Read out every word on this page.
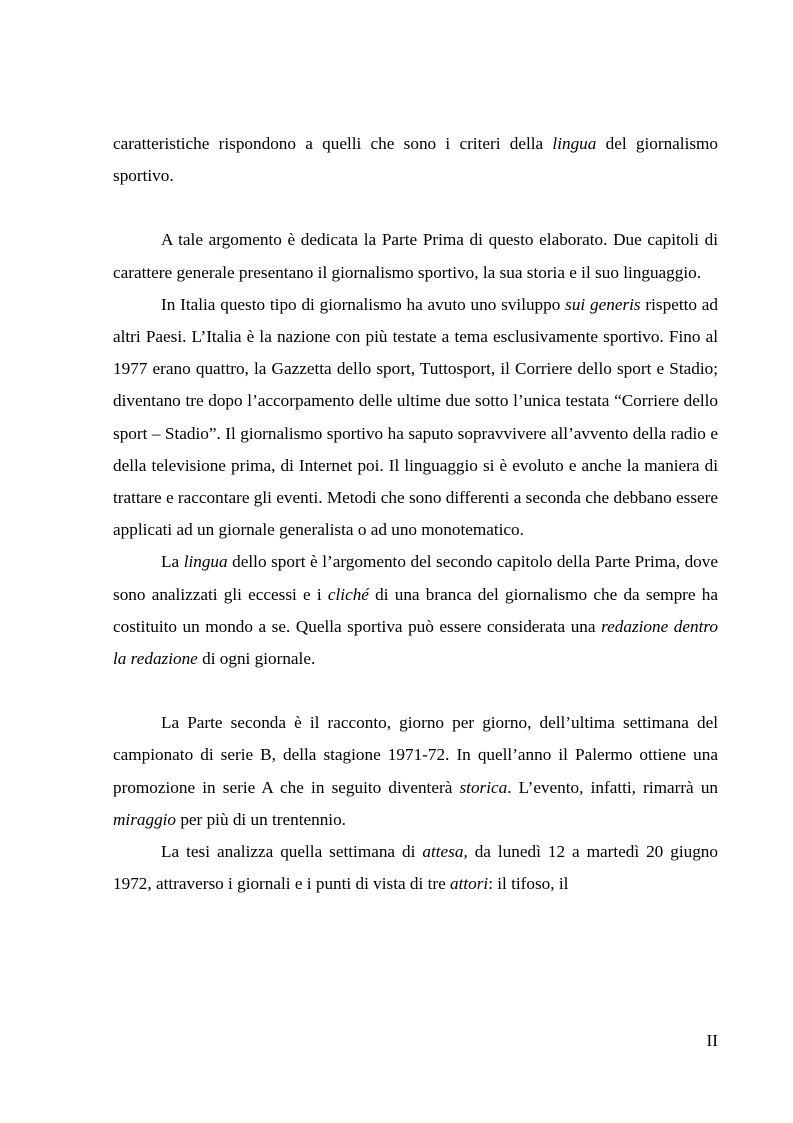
caratteristiche rispondono a quelli che sono i criteri della lingua del giornalismo sportivo.

A tale argomento è dedicata la Parte Prima di questo elaborato. Due capitoli di carattere generale presentano il giornalismo sportivo, la sua storia e il suo linguaggio.

In Italia questo tipo di giornalismo ha avuto uno sviluppo sui generis rispetto ad altri Paesi. L’Italia è la nazione con più testate a tema esclusivamente sportivo. Fino al 1977 erano quattro, la Gazzetta dello sport, Tuttosport, il Corriere dello sport e Stadio; diventano tre dopo l’accorpamento delle ultime due sotto l’unica testata “Corriere dello sport – Stadio”. Il giornalismo sportivo ha saputo sopravvivere all’avvento della radio e della televisione prima, di Internet poi. Il linguaggio si è evoluto e anche la maniera di trattare e raccontare gli eventi. Metodi che sono differenti a seconda che debbano essere applicati ad un giornale generalista o ad uno monotematico.

La lingua dello sport è l’argomento del secondo capitolo della Parte Prima, dove sono analizzati gli eccessi e i cliché di una branca del giornalismo che da sempre ha costituito un mondo a se. Quella sportiva può essere considerata una redazione dentro la redazione di ogni giornale.

La Parte seconda è il racconto, giorno per giorno, dell’ultima settimana del campionato di serie B, della stagione 1971-72. In quell’anno il Palermo ottiene una promozione in serie A che in seguito diventerà storica. L’evento, infatti, rimarrà un miraggio per più di un trentennio.

La tesi analizza quella settimana di attesa, da lunedì 12 a martedì 20 giugno 1972, attraverso i giornali e i punti di vista di tre attori: il tifoso, il

II
